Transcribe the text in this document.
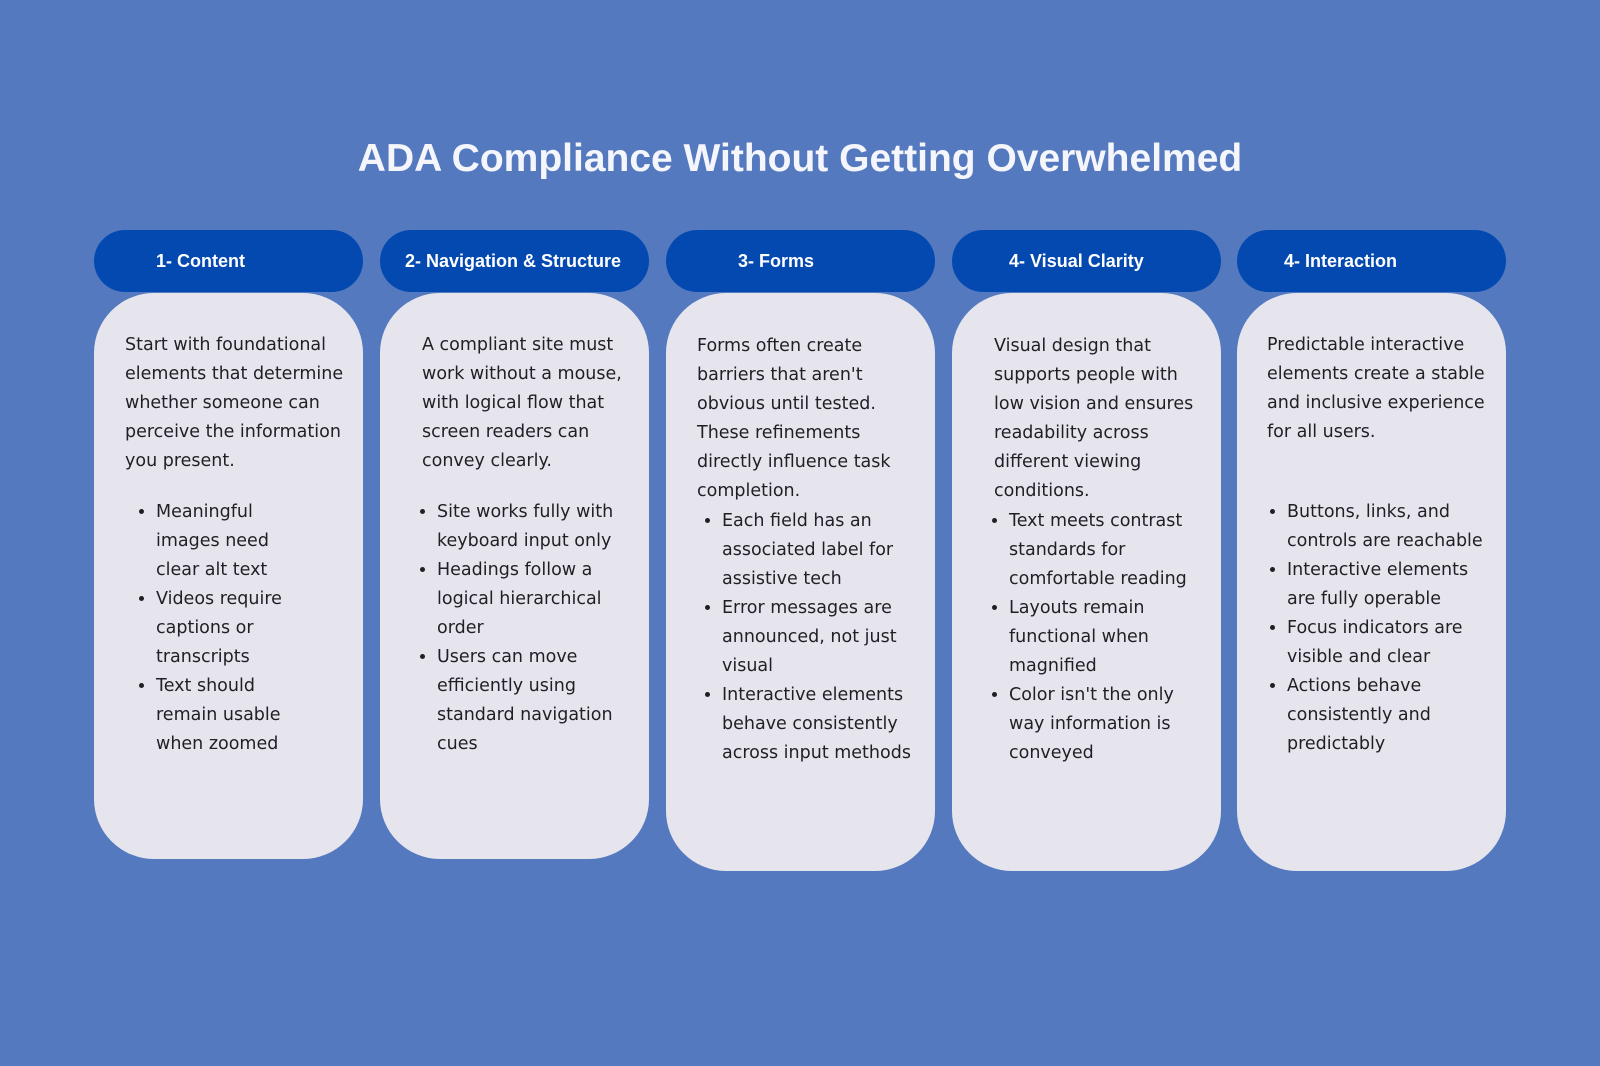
ADA Compliance Without Getting Overwhelmed
1- Content

Start with foundational elements that determine whether someone can perceive the information you present.

• Meaningful images need clear alt text
• Videos require captions or transcripts
• Text should remain usable when zoomed
2- Navigation & Structure

A compliant site must work without a mouse, with logical flow that screen readers can convey clearly.

• Site works fully with keyboard input only
• Headings follow a logical hierarchical order
• Users can move efficiently using standard navigation cues
3- Forms

Forms often create barriers that aren't obvious until tested. These refinements directly influence task completion.

• Each field has an associated label for assistive tech
• Error messages are announced, not just visual
• Interactive elements behave consistently across input methods
4- Visual Clarity

Visual design that supports people with low vision and ensures readability across different viewing conditions.

• Text meets contrast standards for comfortable reading
• Layouts remain functional when magnified
• Color isn't the only way information is conveyed
4- Interaction

Predictable interactive elements create a stable and inclusive experience for all users.

• Buttons, links, and controls are reachable
• Interactive elements are fully operable
• Focus indicators are visible and clear
• Actions behave consistently and predictably
